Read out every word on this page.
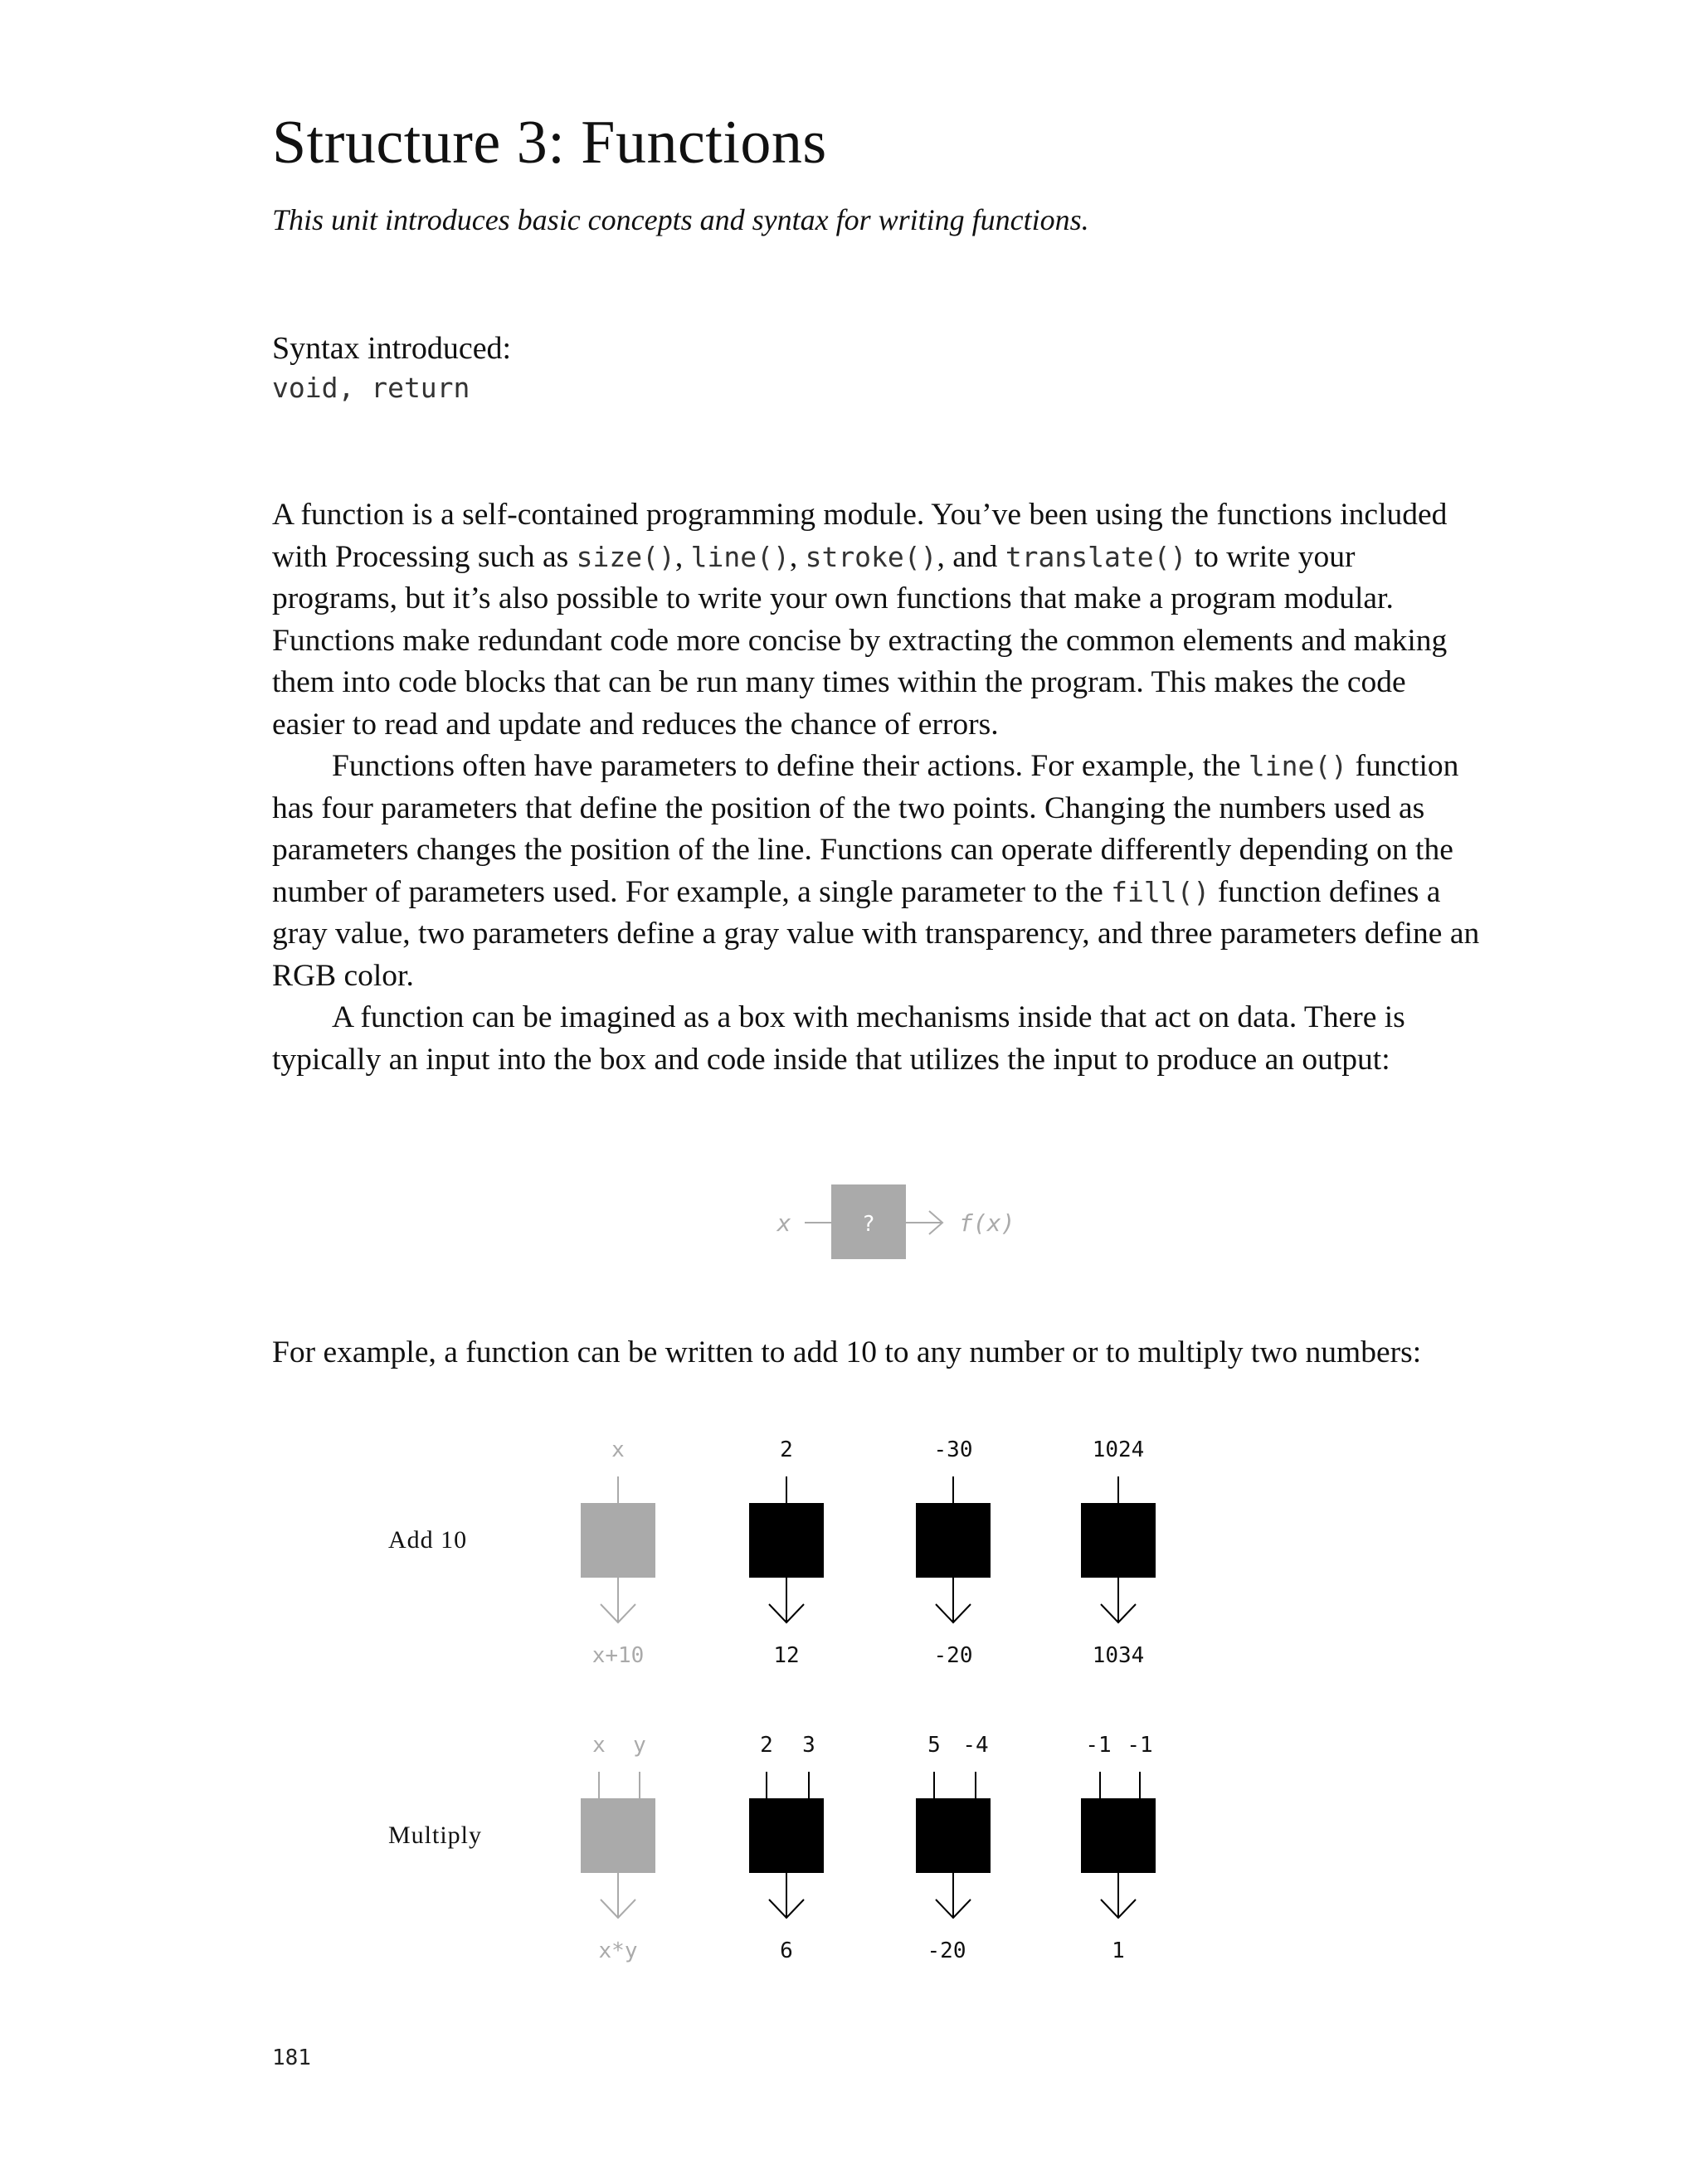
Structure 3: Functions

This unit introduces basic concepts and syntax for writing functions.

Syntax introduced:
void, return

A function is a self-contained programming module. You’ve been using the functions included with Processing such as size(), line(), stroke(), and translate() to write your programs, but it’s also possible to write your own functions that make a program modular. Functions make redundant code more concise by extracting the common elements and making them into code blocks that can be run many times within the program. This makes the code easier to read and update and reduces the chance of errors.

Functions often have parameters to define their actions. For example, the line() function has four parameters that define the position of the two points. Changing the numbers used as parameters changes the position of the line. Functions can operate differently depending on the number of parameters used. For example, a single parameter to the fill() function defines a gray value, two parameters define a gray value with transparency, and three parameters define an RGB color.

A function can be imagined as a box with mechanisms inside that act on data. There is typically an input into the box and code inside that utilizes the input to produce an output:

x	?	f(x)
Add 10
x
x+10
2
12
-30
-20
1024
1034
Multiply
x y
x*y
2 3
6
5 -4
-20
-1 -1
1

For example, a function can be written to add 10 to any number or to multiply two numbers:

181
